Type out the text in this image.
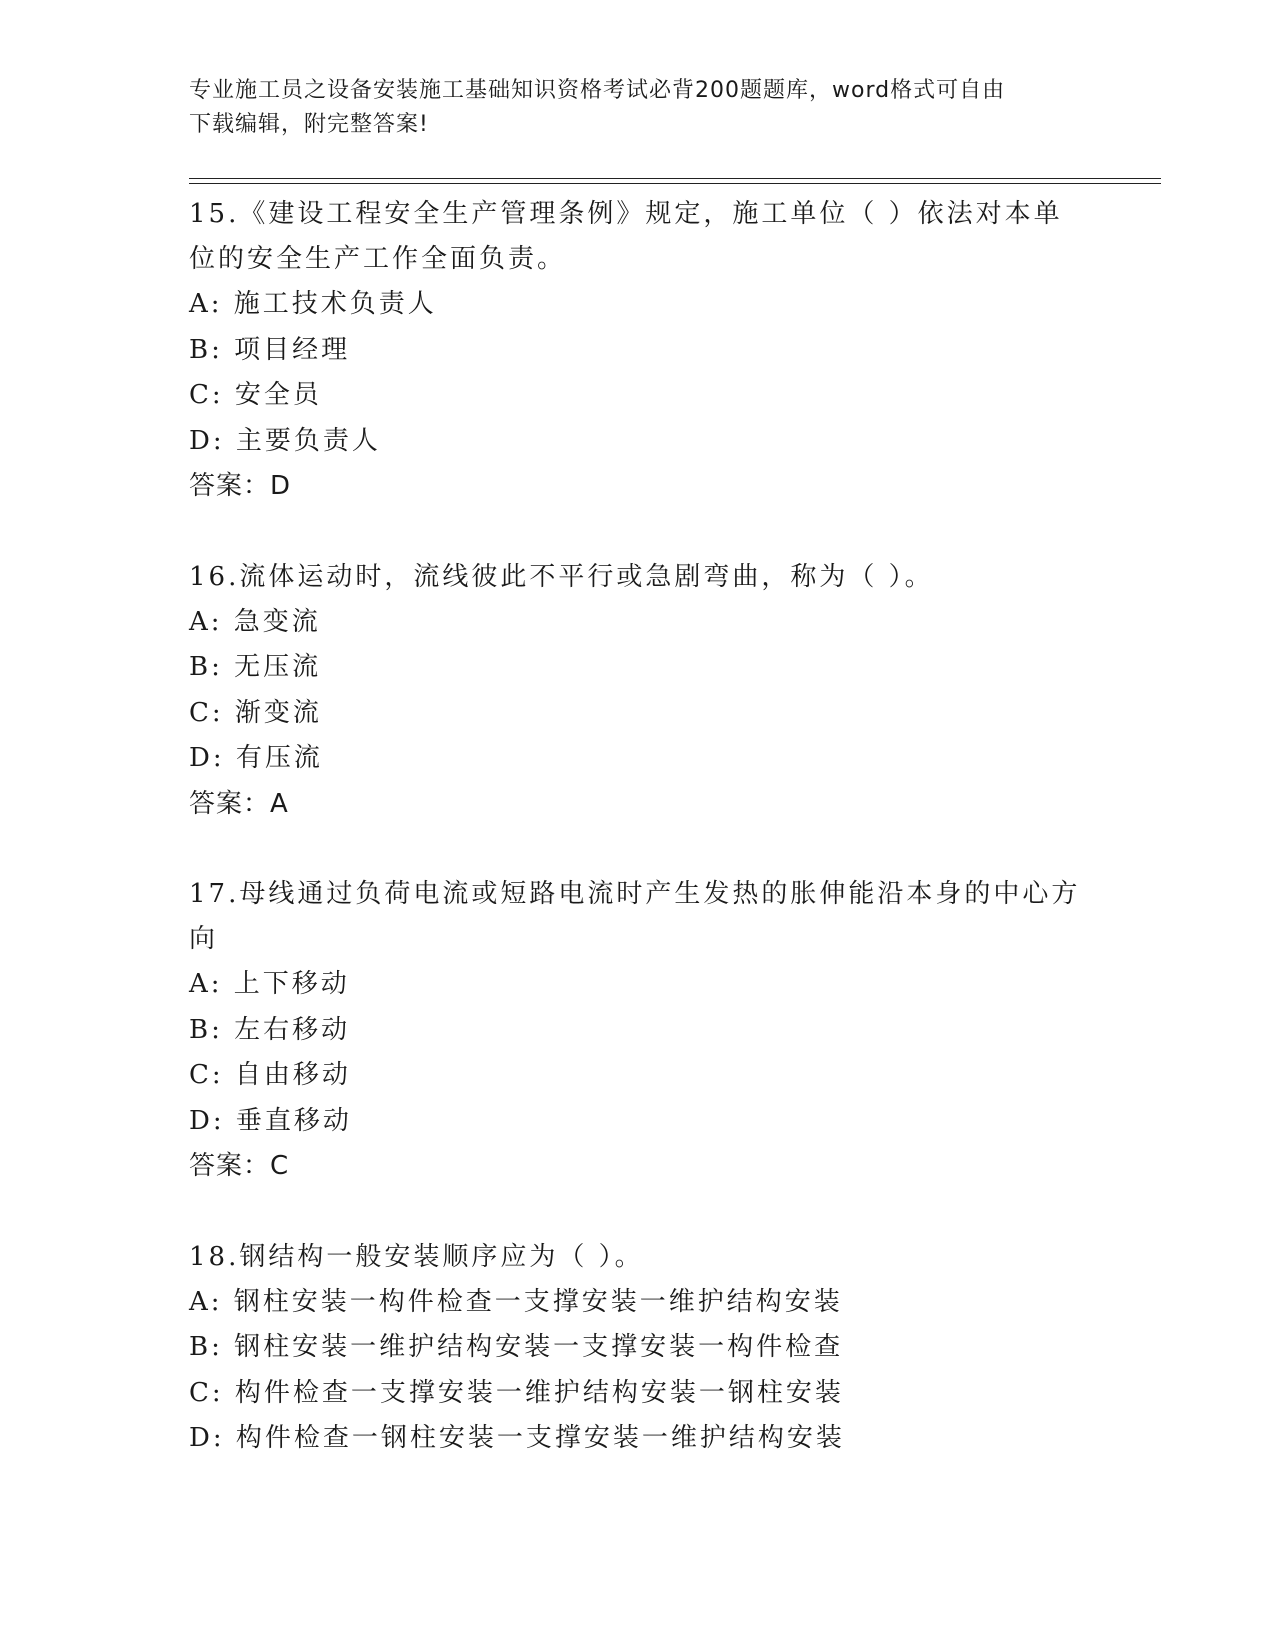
专业施工员之设备安装施工基础知识资格考试必背200题题库，word格式可自由
下载编辑，附完整答案!
15.《建设工程安全生产管理条例》规定，施工单位（ ）依法对本单
位的安全生产工作全面负责。
A: 施工技术负责人
B: 项目经理
C: 安全员
D: 主要负责人
答案：D
16.流体运动时，流线彼此不平行或急剧弯曲，称为（ ）。
A: 急变流
B: 无压流
C: 渐变流
D: 有压流
答案：A
17.母线通过负荷电流或短路电流时产生发热的胀伸能沿本身的中心方
向
A: 上下移动
B: 左右移动
C: 自由移动
D: 垂直移动
答案：C
18.钢结构一般安装顺序应为（ ）。
A: 钢柱安装一构件检查一支撑安装一维护结构安装
B: 钢柱安装一维护结构安装一支撑安装一构件检查
C: 构件检查一支撑安装一维护结构安装一钢柱安装
D: 构件检查一钢柱安装一支撑安装一维护结构安装
